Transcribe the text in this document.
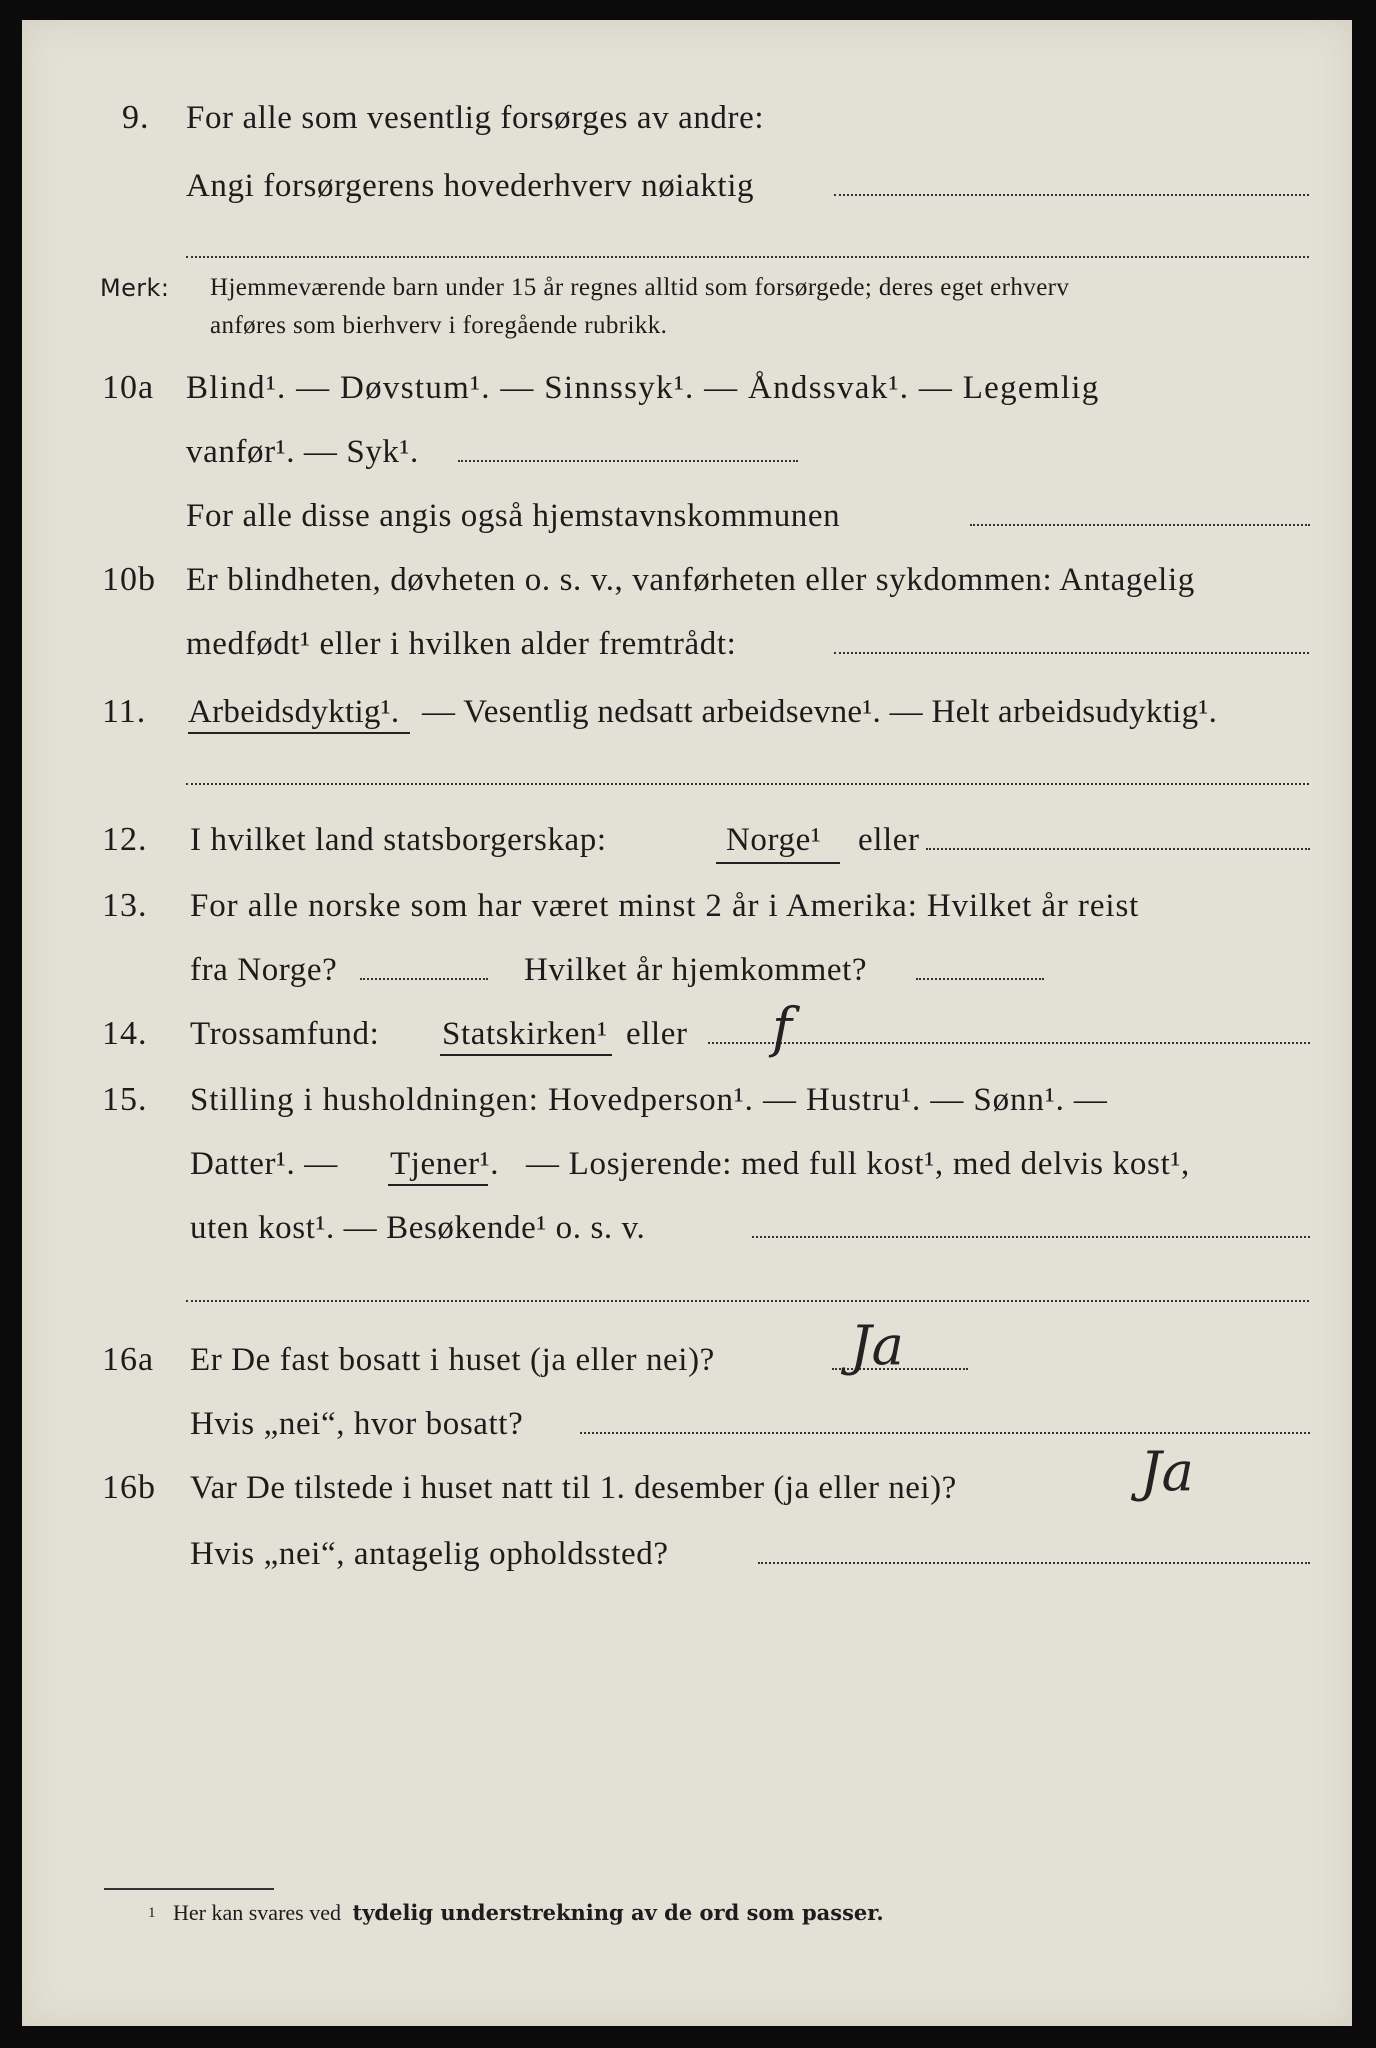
9. For alle som vesentlig forsørges av andre:
Angi forsørgerens hovederhverv nøiaktig
Merk: Hjemmeværende barn under 15 år regnes alltid som forsørgede; deres eget erhverv
anføres som bierhverv i foregående rubrikk.
10a Blind¹. — Døvstum¹. — Sinnssyk¹. — Åndssvak¹. — Legemlig
vanfør¹. — Syk¹.
For alle disse angis også hjemstavnskommunen
10b Er blindheten, døvheten o. s. v., vanførheten eller sykdommen: Antagelig
medfødt¹ eller i hvilken alder fremtrådt:
11. Arbeidsdyktig¹. — Vesentlig nedsatt arbeidsevne¹. — Helt arbeidsudyktig¹.
12. I hvilket land statsborgerskap:	Norge¹ eller
13. For alle norske som har været minst 2 år i Amerika: Hvilket år reist
fra Norge?	Hvilket år hjemkommet?
14. Trossamfund: Statskirken¹ eller f
15. Stilling i husholdningen: Hovedperson¹. — Hustru¹. — Sønn¹. —
Datter¹. — Tjener¹. — Losjerende: med full kost¹, med delvis kost¹,
uten kost¹. — Besøkende¹ o. s. v.
16a Er De fast bosatt i huset (ja eller nei)?	Ja
Hvis „nei“, hvor bosatt?
16b Var De tilstede i huset natt til 1. desember (ja eller nei)?	Ja
Hvis „nei“, antagelig opholdssted?
$^1$ Her kan svares ved tydelig understrekning av de ord som passer.
